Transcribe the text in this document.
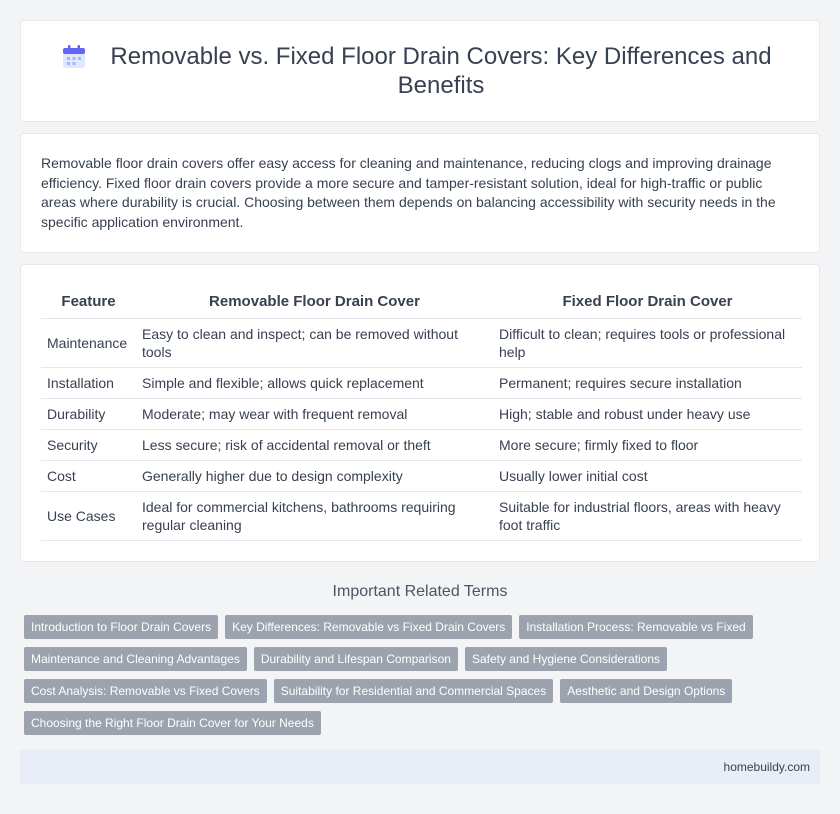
Removable vs. Fixed Floor Drain Covers: Key Differences and Benefits

Removable floor drain covers offer easy access for cleaning and maintenance, reducing clogs and improving drainage efficiency. Fixed floor drain covers provide a more secure and tamper-resistant solution, ideal for high-traffic or public areas where durability is crucial. Choosing between them depends on balancing accessibility with security needs in the specific application environment.

Feature	Removable Floor Drain Cover	Fixed Floor Drain Cover
Maintenance	Easy to clean and inspect; can be removed without tools	Difficult to clean; requires tools or professional help
Installation	Simple and flexible; allows quick replacement	Permanent; requires secure installation
Durability	Moderate; may wear with frequent removal	High; stable and robust under heavy use
Security	Less secure; risk of accidental removal or theft	More secure; firmly fixed to floor
Cost	Generally higher due to design complexity	Usually lower initial cost
Use Cases	Ideal for commercial kitchens, bathrooms requiring regular cleaning	Suitable for industrial floors, areas with heavy foot traffic
Important Related Terms
Introduction to Floor Drain Covers	Key Differences: Removable vs Fixed Drain Covers	Installation Process: Removable vs Fixed
Maintenance and Cleaning Advantages	Durability and Lifespan Comparison	Safety and Hygiene Considerations
Cost Analysis: Removable vs Fixed Covers	Suitability for Residential and Commercial Spaces	Aesthetic and Design Options
Choosing the Right Floor Drain Cover for Your Needs
homebuildy.com
